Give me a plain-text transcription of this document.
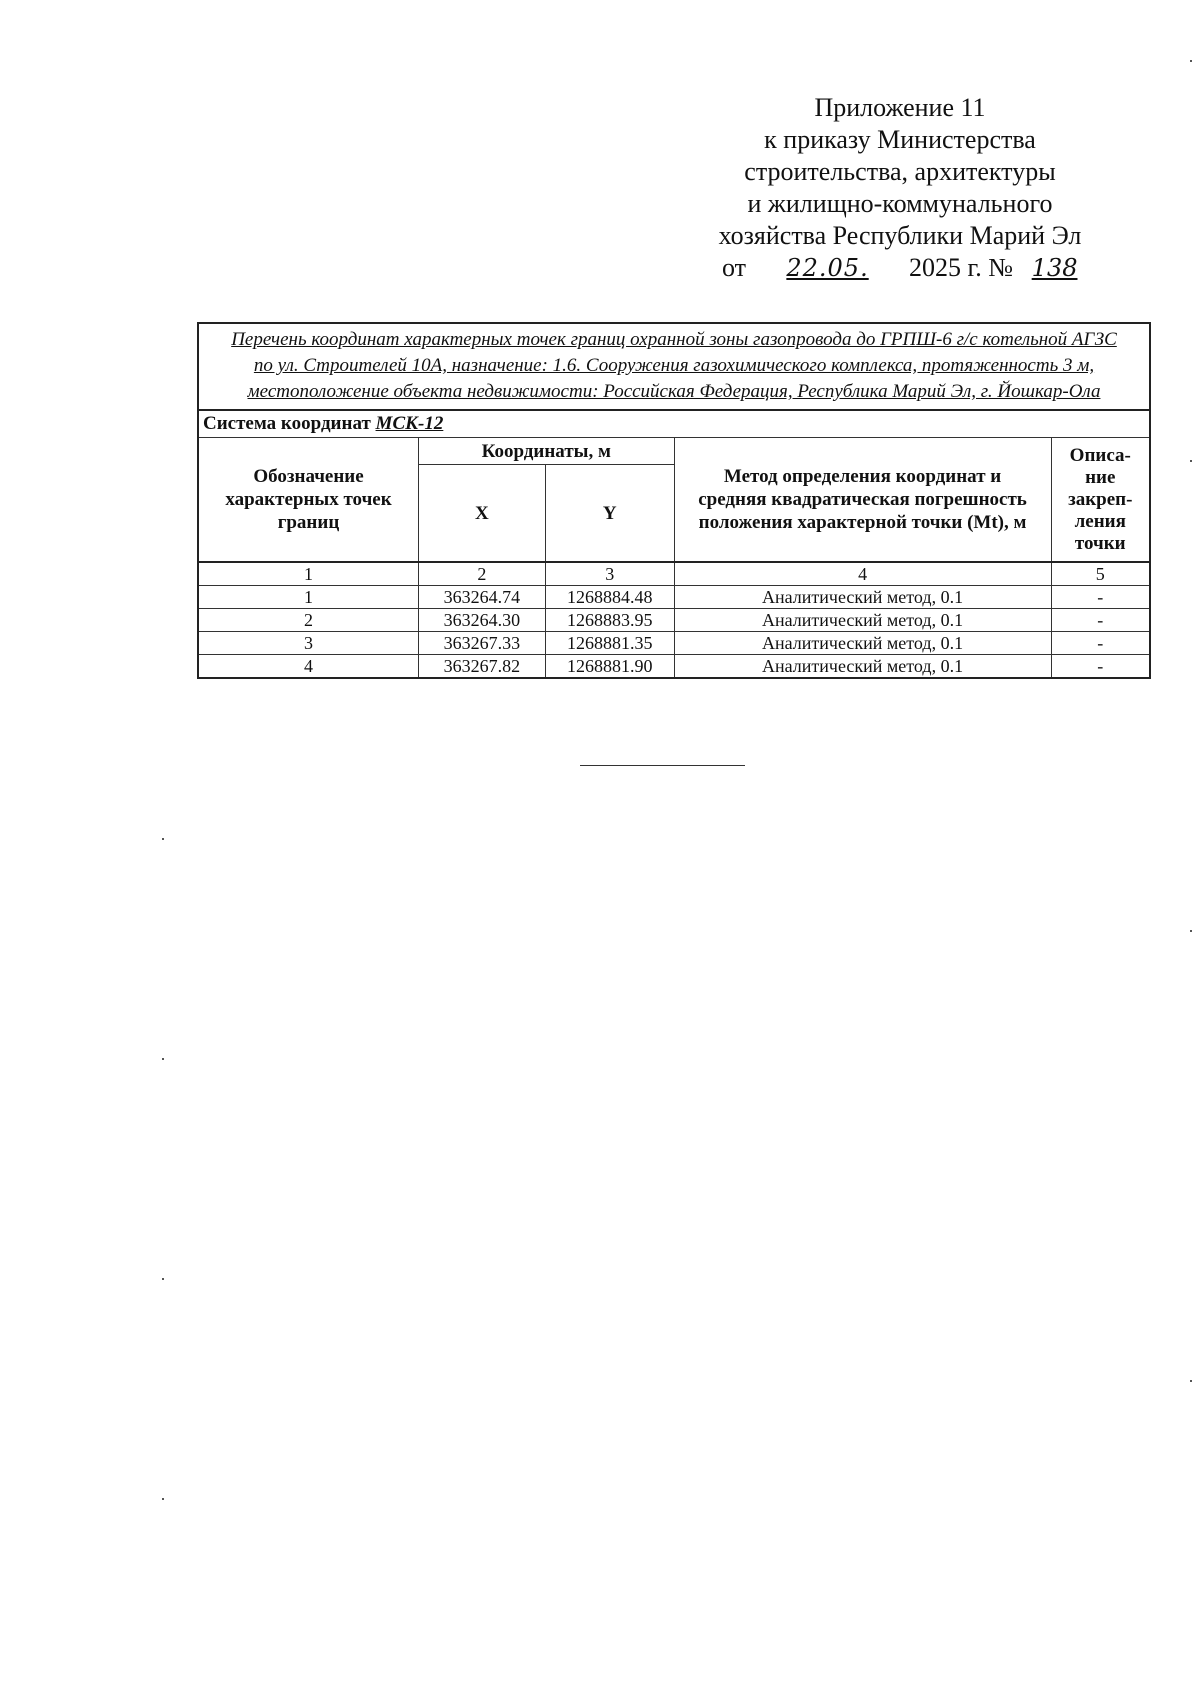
Приложение 11
к приказу Министерства
строительства, архитектуры
и жилищно-коммунального
хозяйства Республики Марий Эл
от 22.05. 2025 г. № 138
Перечень координат характерных точек границ охранной зоны газопровода до ГРПШ-6 г/с котельной АГЗС по ул. Строителей 10А, назначение: 1.6. Сооружения газохимического комплекса, протяженность 3 м, местоположение объекта недвижимости: Российская Федерация, Республика Марий Эл, г. Йошкар-Ола				
Система координат МСК-12				
Обозначение характерных точек границ	Координаты, м		Метод определения координат и средняя квадратическая погрешность положения характерной точки (Mt), м	Описа-ние закреп-ления точки
	X	Y		
1	2	3	4	5
1	363264.74	1268884.48	Аналитический метод, 0.1	-
2	363264.30	1268883.95	Аналитический метод, 0.1	-
3	363267.33	1268881.35	Аналитический метод, 0.1	-
4	363267.82	1268881.90	Аналитический метод, 0.1	-
